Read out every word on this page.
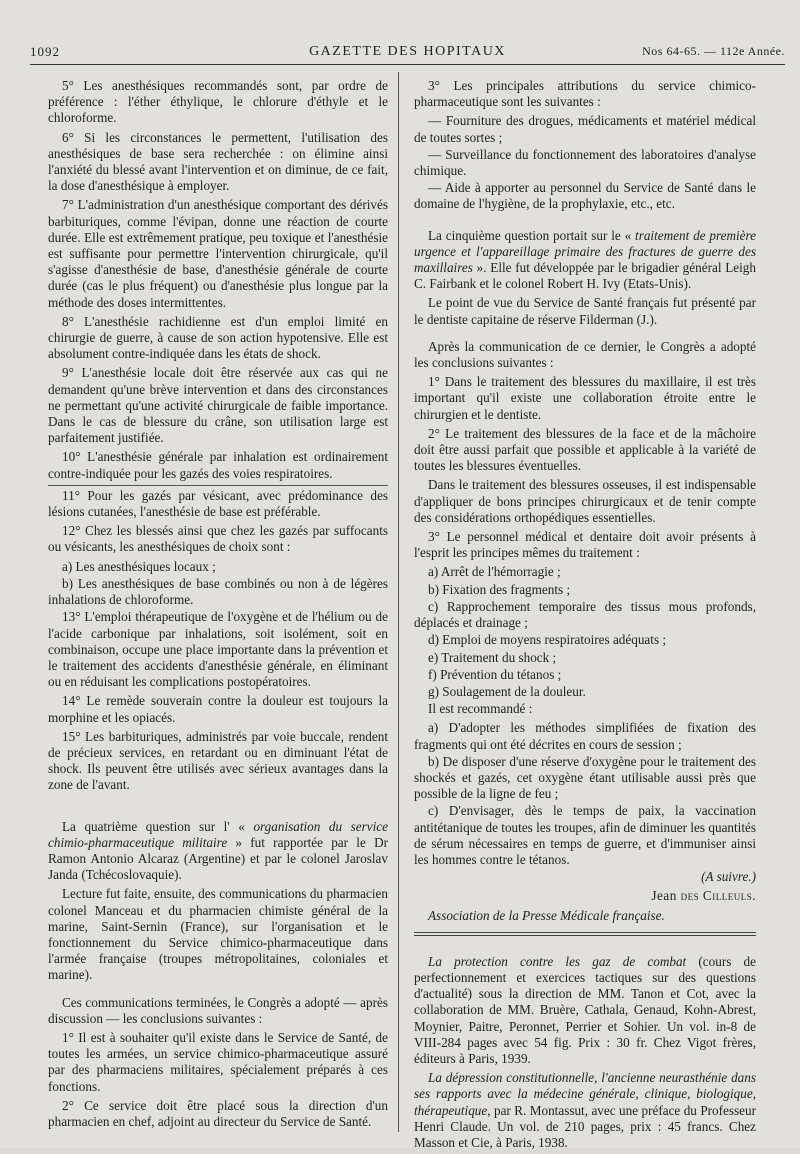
1092	GAZETTE DES HOPITAUX	Nos 64-65. — 112e Année.

5° Les anesthésiques recommandés sont, par ordre de préférence : l'éther éthylique, le chlorure d'éthyle et le chloroforme.

6° Si les circonstances le permettent, l'utilisation des anesthésiques de base sera recherchée : on élimine ainsi l'anxiété du blessé avant l'intervention et on diminue, de ce fait, la dose d'anesthésique à employer.

7° L'administration d'un anesthésique comportant des dérivés barbituriques, comme l'évipan, donne une réaction de courte durée. Elle est extrêmement pratique, peu toxique et l'anesthésie est suffisante pour permettre l'intervention chirurgicale, qu'il s'agisse d'anesthésie de base, d'anesthésie générale de courte durée (cas le plus fréquent) ou d'anesthésie plus longue par la méthode des doses intermittentes.

8° L'anesthésie rachidienne est d'un emploi limité en chirurgie de guerre, à cause de son action hypotensive. Elle est absolument contre-indiquée dans les états de shock.

9° L'anesthésie locale doit être réservée aux cas qui ne demandent qu'une brève intervention et dans des circonstances ne permettant qu'une activité chirurgicale de faible importance. Dans le cas de blessure du crâne, son utilisation large est parfaitement justifiée.

10° L'anesthésie générale par inhalation est ordinairement contre-indiquée pour les gazés des voies respiratoires.

11° Pour les gazés par vésicant, avec prédominance des lésions cutanées, l'anesthésie de base est préférable.

12° Chez les blessés ainsi que chez les gazés par suffocants ou vésicants, les anesthésiques de choix sont :

a) Les anesthésiques locaux ;

b) Les anesthésiques de base combinés ou non à de légères inhalations de chloroforme.

13° L'emploi thérapeutique de l'oxygène et de l'hélium ou de l'acide carbonique par inhalations, soit isolément, soit en combinaison, occupe une place importante dans la prévention et le traitement des accidents d'anesthésie générale, en éliminant ou en réduisant les complications postopératoires.

14° Le remède souverain contre la douleur est toujours la morphine et les opiacés.

15° Les barbituriques, administrés par voie buccale, rendent de précieux services, en retardant ou en diminuant l'état de shock. Ils peuvent être utilisés avec sérieux avantages dans la zone de l'avant.

La quatrième question sur l' « organisation du service chimio-pharmaceutique militaire » fut rapportée par le Dr Ramon Antonio Alcaraz (Argentine) et par le colonel Jaroslav Janda (Tchécoslovaquie).

Lecture fut faite, ensuite, des communications du pharmacien colonel Manceau et du pharmacien chimiste général de la marine, Saint-Sernin (France), sur l'organisation et le fonctionnement du Service chimico-pharmaceutique dans l'armée française (troupes métropolitaines, coloniales et marine).

Ces communications terminées, le Congrès a adopté — après discussion — les conclusions suivantes :

1° Il est à souhaiter qu'il existe dans le Service de Santé, de toutes les armées, un service chimico-pharmaceutique assuré par des pharmaciens militaires, spécialement préparés à ces fonctions.

2° Ce service doit être placé sous la direction d'un pharmacien en chef, adjoint au directeur du Service de Santé.

3° Les principales attributions du service chimico-pharmaceutique sont les suivantes :

— Fourniture des drogues, médicaments et matériel médical de toutes sortes ;

— Surveillance du fonctionnement des laboratoires d'analyse chimique.

— Aide à apporter au personnel du Service de Santé dans le domaine de l'hygiène, de la prophylaxie, etc., etc.

La cinquième question portait sur le « traitement de première urgence et l'appareillage primaire des fractures de guerre des maxillaires ». Elle fut développée par le brigadier général Leigh C. Fairbank et le colonel Robert H. Ivy (Etats-Unis).

Le point de vue du Service de Santé français fut présenté par le dentiste capitaine de réserve Filderman (J.).

Après la communication de ce dernier, le Congrès a adopté les conclusions suivantes :

1° Dans le traitement des blessures du maxillaire, il est très important qu'il existe une collaboration étroite entre le chirurgien et le dentiste.

2° Le traitement des blessures de la face et de la mâchoire doit être aussi parfait que possible et applicable à la variété de toutes les blessures éventuelles.

Dans le traitement des blessures osseuses, il est indispensable d'appliquer de bons principes chirurgicaux et de tenir compte des considérations orthopédiques essentielles.

3° Le personnel médical et dentaire doit avoir présents à l'esprit les principes mêmes du traitement :

a) Arrêt de l'hémorragie ;

b) Fixation des fragments ;

c) Rapprochement temporaire des tissus mous profonds, déplacés et drainage ;

d) Emploi de moyens respiratoires adéquats ;

e) Traitement du shock ;

f) Prévention du tétanos ;

g) Soulagement de la douleur.

Il est recommandé :

a) D'adopter les méthodes simplifiées de fixation des fragments qui ont été décrites en cours de session ;

b) De disposer d'une réserve d'oxygène pour le traitement des shockés et gazés, cet oxygène étant utilisable aussi près que possible de la ligne de feu ;

c) D'envisager, dès le temps de paix, la vaccination antitétanique de toutes les troupes, afin de diminuer les quantités de sérum nécessaires en temps de guerre, et d'immuniser ainsi les hommes contre le tétanos.

(A suivre.)

Jean des Cilleuls.

Association de la Presse Médicale française.

La protection contre les gaz de combat (cours de perfectionnement et exercices tactiques sur des questions d'actualité) sous la direction de MM. Tanon et Cot, avec la collaboration de MM. Bruère, Cathala, Genaud, Kohn-Abrest, Moynier, Paitre, Peronnet, Perrier et Sohier. Un vol. in-8 de VIII-284 pages avec 54 fig. Prix : 30 fr. Chez Vigot frères, éditeurs à Paris, 1939.

La dépression constitutionnelle, l'ancienne neurasthénie dans ses rapports avec la médecine générale, clinique, biologique, thérapeutique, par R. Montassut, avec une préface du Professeur Henri Claude. Un vol. de 210 pages, prix : 45 francs. Chez Masson et Cie, à Paris, 1938.
